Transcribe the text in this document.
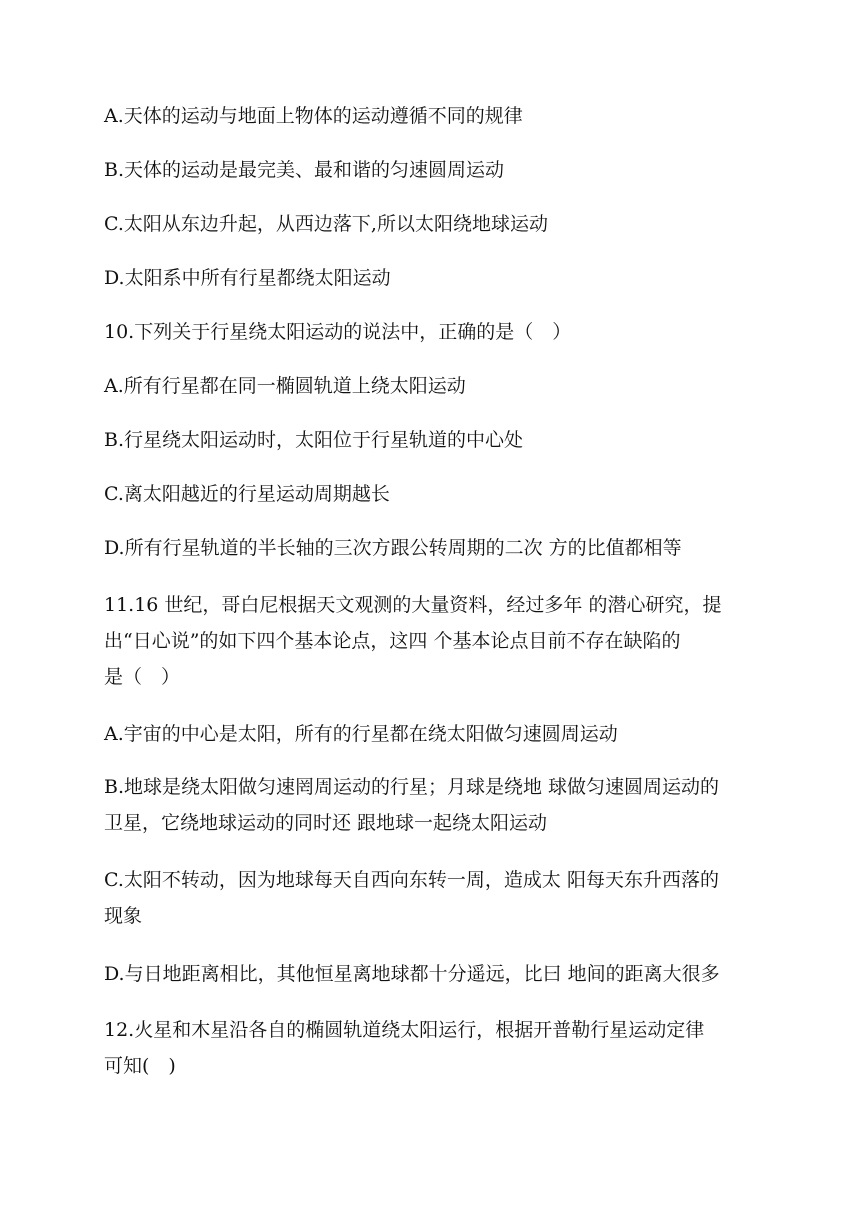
A.天体的运动与地面上物体的运动遵循不同的规律

B.天体的运动是最完美、最和谐的匀速圆周运动

C.太阳从东边升起，从西边落下,所以太阳绕地球运动

D.太阳系中所有行星都绕太阳运动

10.下列关于行星绕太阳运动的说法中，正确的是（　）

A.所有行星都在同一椭圆轨道上绕太阳运动

B.行星绕太阳运动时，太阳位于行星轨道的中心处

C.离太阳越近的行星运动周期越长

D.所有行星轨道的半长轴的三次方跟公转周期的二次 方的比值都相等

11.16 世纪，哥白尼根据天文观测的大量资料，经过多年 的潜心研究，提
出“日心说”的如下四个基本论点，这四 个基本论点目前不存在缺陷的
是（　）

A.宇宙的中心是太阳，所有的行星都在绕太阳做匀速圆周运动

B.地球是绕太阳做匀速罔周运动的行星；月球是绕地 球做匀速圆周运动的
卫星，它绕地球运动的同时还 跟地球一起绕太阳运动

C.太阳不转动，因为地球每天自西向东转一周，造成太 阳每天东升西落的
现象

D.与日地距离相比，其他恒星离地球都十分遥远，比曰 地间的距离大很多

12.火星和木星沿各自的椭圆轨道绕太阳运行，根据开普勒行星运动定律
可知(　)
